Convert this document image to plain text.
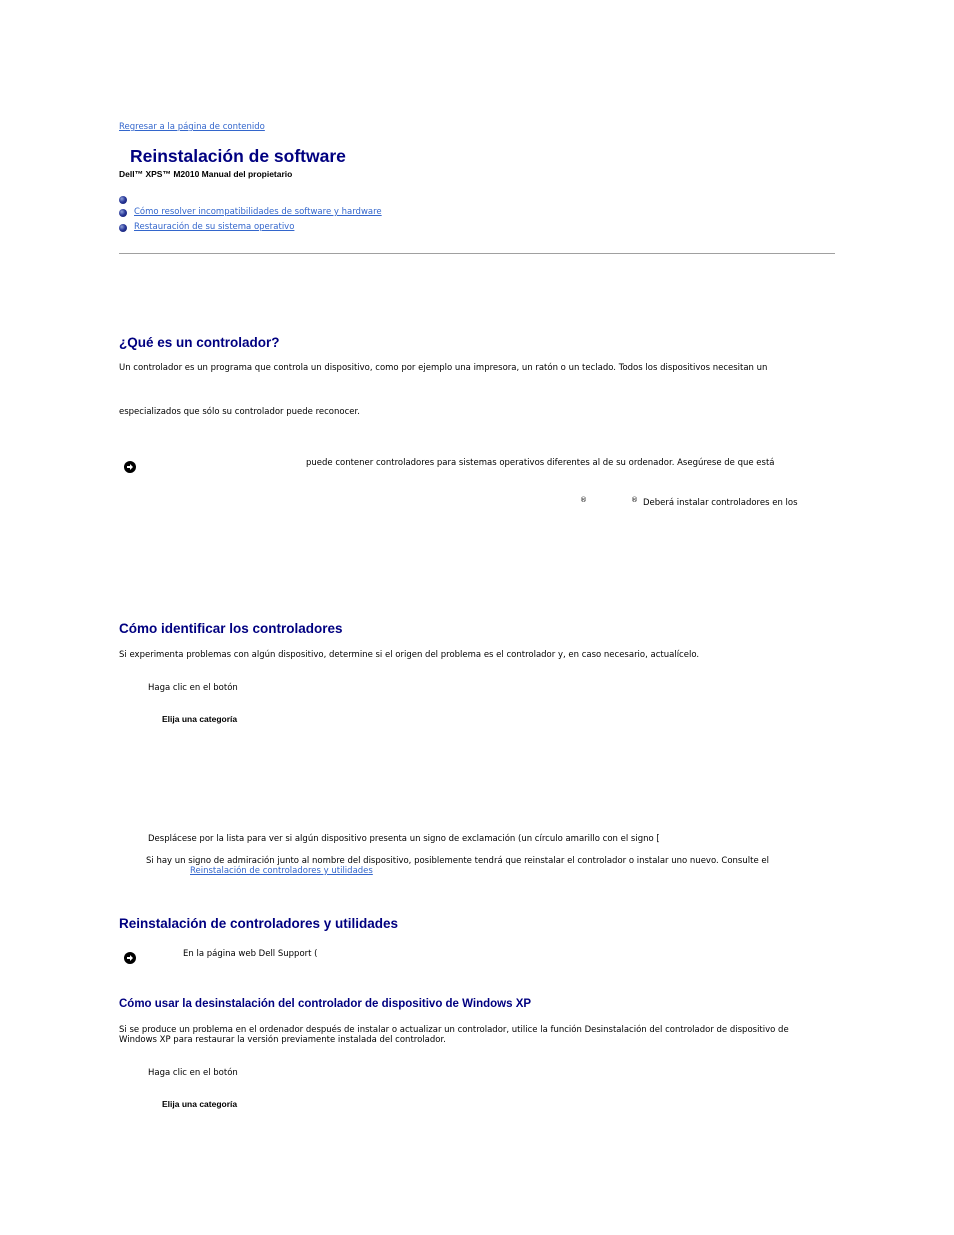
Regresar a la página de contenido
Reinstalación de software
Dell™ XPS™ M2010 Manual del propietario
Cómo resolver incompatibilidades de software y hardware
Restauración de su sistema operativo
¿Qué es un controlador?
Un controlador es un programa que controla un dispositivo, como por ejemplo una impresora, un ratón o un teclado. Todos los dispositivos necesitan un
especializados que sólo su controlador puede reconocer.
puede contener controladores para sistemas operativos diferentes al de su ordenador. Asegúrese de que está
®	® Deberá instalar controladores en los
Cómo identificar los controladores
Si experimenta problemas con algún dispositivo, determine si el origen del problema es el controlador y, en caso necesario, actualícelo.
Haga clic en el botón
Elija una categoría
Desplácese por la lista para ver si algún dispositivo presenta un signo de exclamación (un círculo amarillo con el signo [
Si hay un signo de admiración junto al nombre del dispositivo, posiblemente tendrá que reinstalar el controlador o instalar uno nuevo. Consulte el
Reinstalación de controladores y utilidades
Reinstalación de controladores y utilidades
En la página web Dell Support (
Cómo usar la desinstalación del controlador de dispositivo de Windows XP
Si se produce un problema en el ordenador después de instalar o actualizar un controlador, utilice la función Desinstalación del controlador de dispositivo de
Windows XP para restaurar la versión previamente instalada del controlador.
Haga clic en el botón
Elija una categoría
